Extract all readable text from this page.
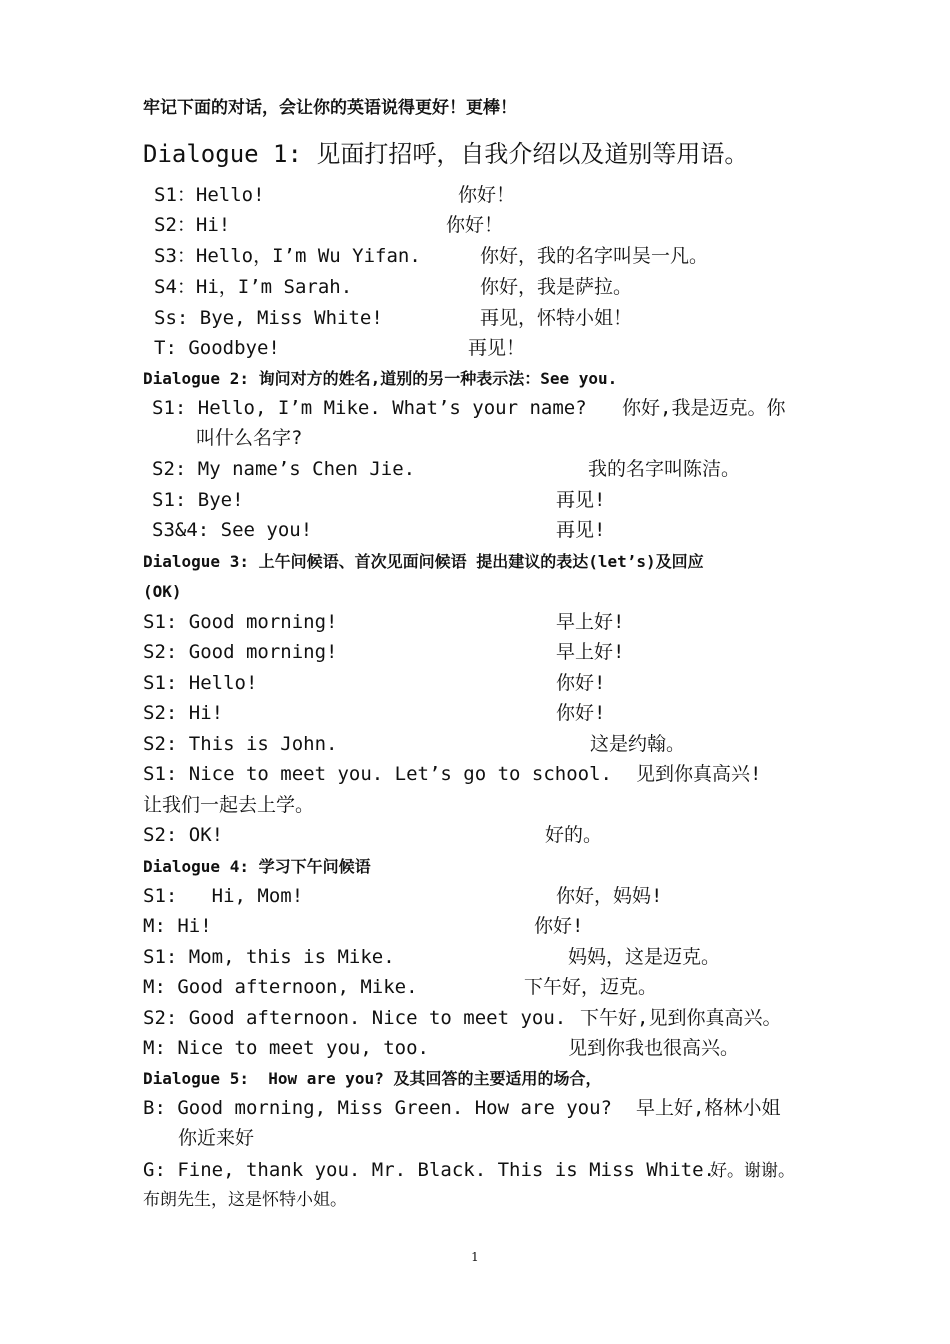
牢记下面的对话，会让你的英语说得更好！更棒！
Dialogue 1: 见面打招呼，自我介绍以及道别等用语。
S1：Hello!	你好！
S2：Hi!	你好！
S3：Hello，I’m Wu Yifan.	你好，我的名字叫吴一凡。
S4：Hi，I’m Sarah.	你好，我是萨拉。
Ss: Bye, Miss White!	再见，怀特小姐！
T: Goodbye!	再见！
Dialogue 2: 询问对方的姓名,道别的另一种表示法：See you.
S1: Hello, I’m Mike. What’s your name? 你好,我是迈克。你
叫什么名字?
S2: My name’s Chen Jie.	我的名字叫陈洁。
S1: Bye!	再见!
S3&4: See you!	再见!
Dialogue 3: 上午问候语、首次见面问候语 提出建议的表达(let’s)及回应
(OK)
S1: Good morning!	早上好!
S2: Good morning!	早上好!
S1: Hello!	你好!
S2: Hi!	你好!
S2: This is John.	这是约翰。
S1: Nice to meet you. Let’s go to school. 见到你真高兴!
让我们一起去上学。
S2: OK!	好的。
Dialogue 4: 学习下午问候语
S1:   Hi, Mom!	你好，妈妈!
M: Hi!	你好!
S1: Mom, this is Mike.	妈妈，这是迈克。
M: Good afternoon, Mike.	下午好，迈克。
S2: Good afternoon. Nice to meet you. 下午好,见到你真高兴。
M: Nice to meet you, too.	见到你我也很高兴。
Dialogue 5:  How are you? 及其回答的主要适用的场合，
B: Good morning, Miss Green. How are you? 早上好,格林小姐
你近来好
G: Fine, thank you. Mr. Black. This is Miss White.
好。谢谢。
布朗先生，这是怀特小姐。
1
